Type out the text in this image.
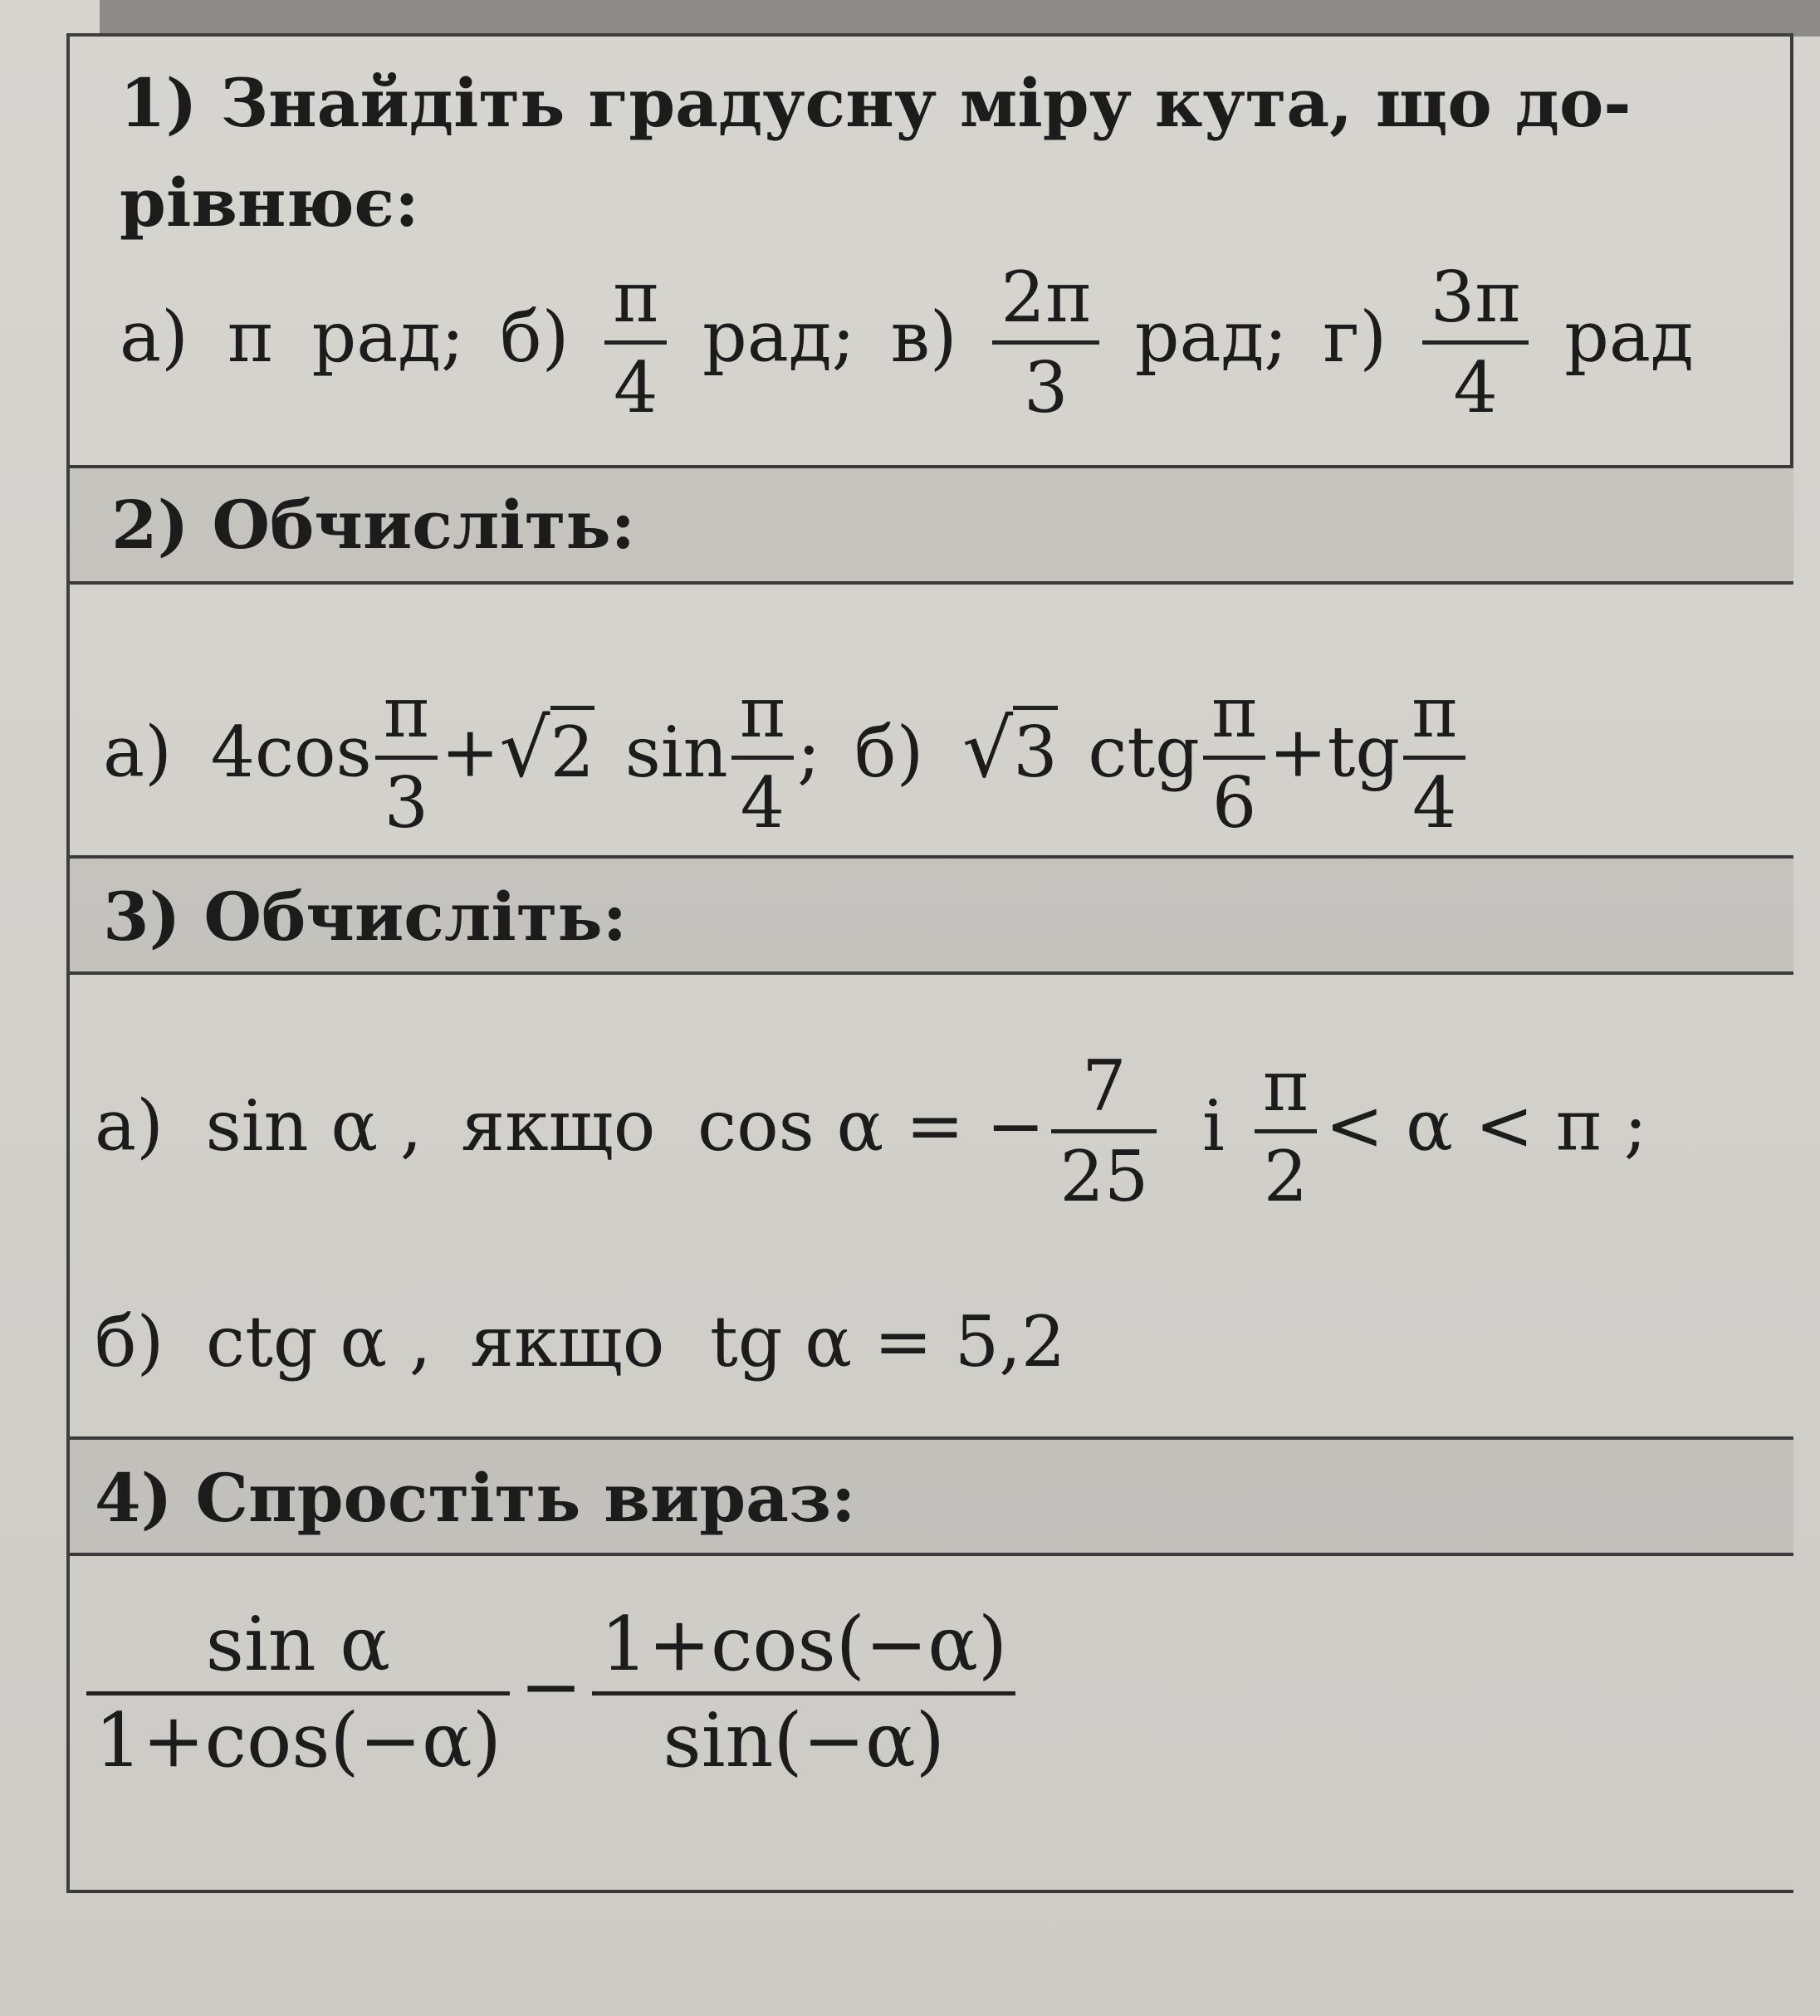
1) Знайдіть градусну міру кута, що до-
рівнює:
а) π рад; б) π
4
рад; в) 2π
3
рад; г) 3π
4
рад
2) Обчисліть:
а) 4cos π
3
+√2 sin π
4
; б) √3 ctg π
6
+tg π
4
3) Обчисліть:
а) sin α , якщо cos α = − 7
25
і π
2
< α < π ;
б) ctg α , якщо tg α = 5,2
4) Спростіть вираз:
sin α
1+cos(−α)
− 1+cos(−α)
sin(−α)
